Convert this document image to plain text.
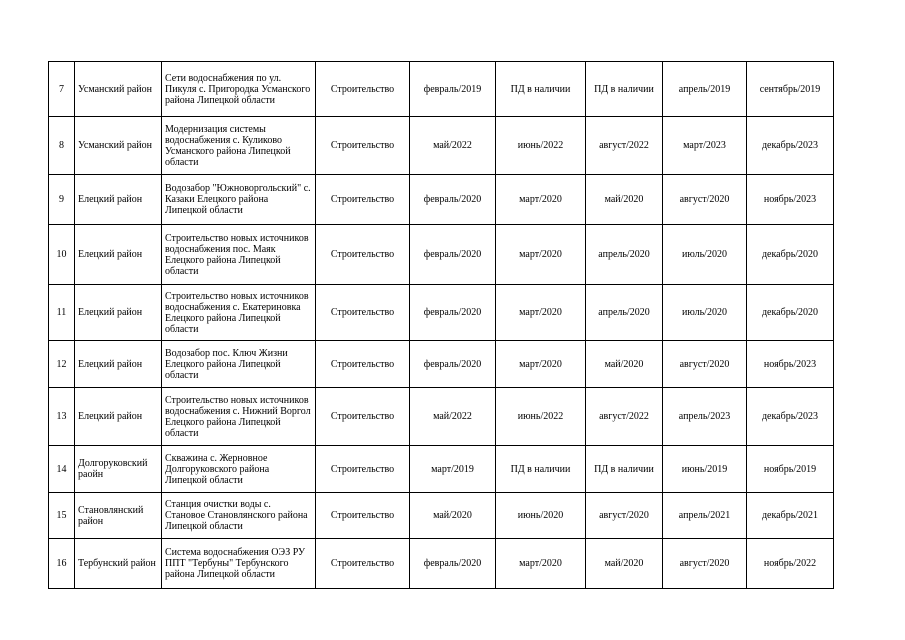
7	Усманский район	Сети водоснабжения по ул. Пикуля с. Пригородка Усманского района Липецкой области	Строительство	февраль/2019	ПД в наличии	ПД в наличии	апрель/2019	сентябрь/2019
8	Усманский район	Модернизация системы водоснабжения с. Куликово Усманского района Липецкой области	Строительство	май/2022	июнь/2022	август/2022	март/2023	декабрь/2023
9	Елецкий район	Водозабор "Южноворгольский" с. Казаки Елецкого района Липецкой области	Строительство	февраль/2020	март/2020	май/2020	август/2020	ноябрь/2023
10	Елецкий район	Строительство новых источников водоснабжения пос. Маяк Елецкого района Липецкой области	Строительство	февраль/2020	март/2020	апрель/2020	июль/2020	декабрь/2020
11	Елецкий район	Строительство новых источников водоснабжения с. Екатериновка Елецкого района Липецкой области	Строительство	февраль/2020	март/2020	апрель/2020	июль/2020	декабрь/2020
12	Елецкий район	Водозабор пос. Ключ Жизни Елецкого района Липецкой области	Строительство	февраль/2020	март/2020	май/2020	август/2020	ноябрь/2023
13	Елецкий район	Строительство новых источников водоснабжения с. Нижний Воргол Елецкого района Липецкой области	Строительство	май/2022	июнь/2022	август/2022	апрель/2023	декабрь/2023
14	Долгоруковский раойн	Скважина с. Жерновное Долгоруковского района Липецкой области	Строительство	март/2019	ПД в наличии	ПД в наличии	июнь/2019	ноябрь/2019
15	Становлянский район	Станция очистки воды с. Становое Становлянского района Липецкой области	Строительство	май/2020	июнь/2020	август/2020	апрель/2021	декабрь/2021
16	Тербунский район	Система водоснабжения ОЭЗ РУ ППТ "Тербуны" Тербунского района Липецкой области	Строительство	февраль/2020	март/2020	май/2020	август/2020	ноябрь/2022
